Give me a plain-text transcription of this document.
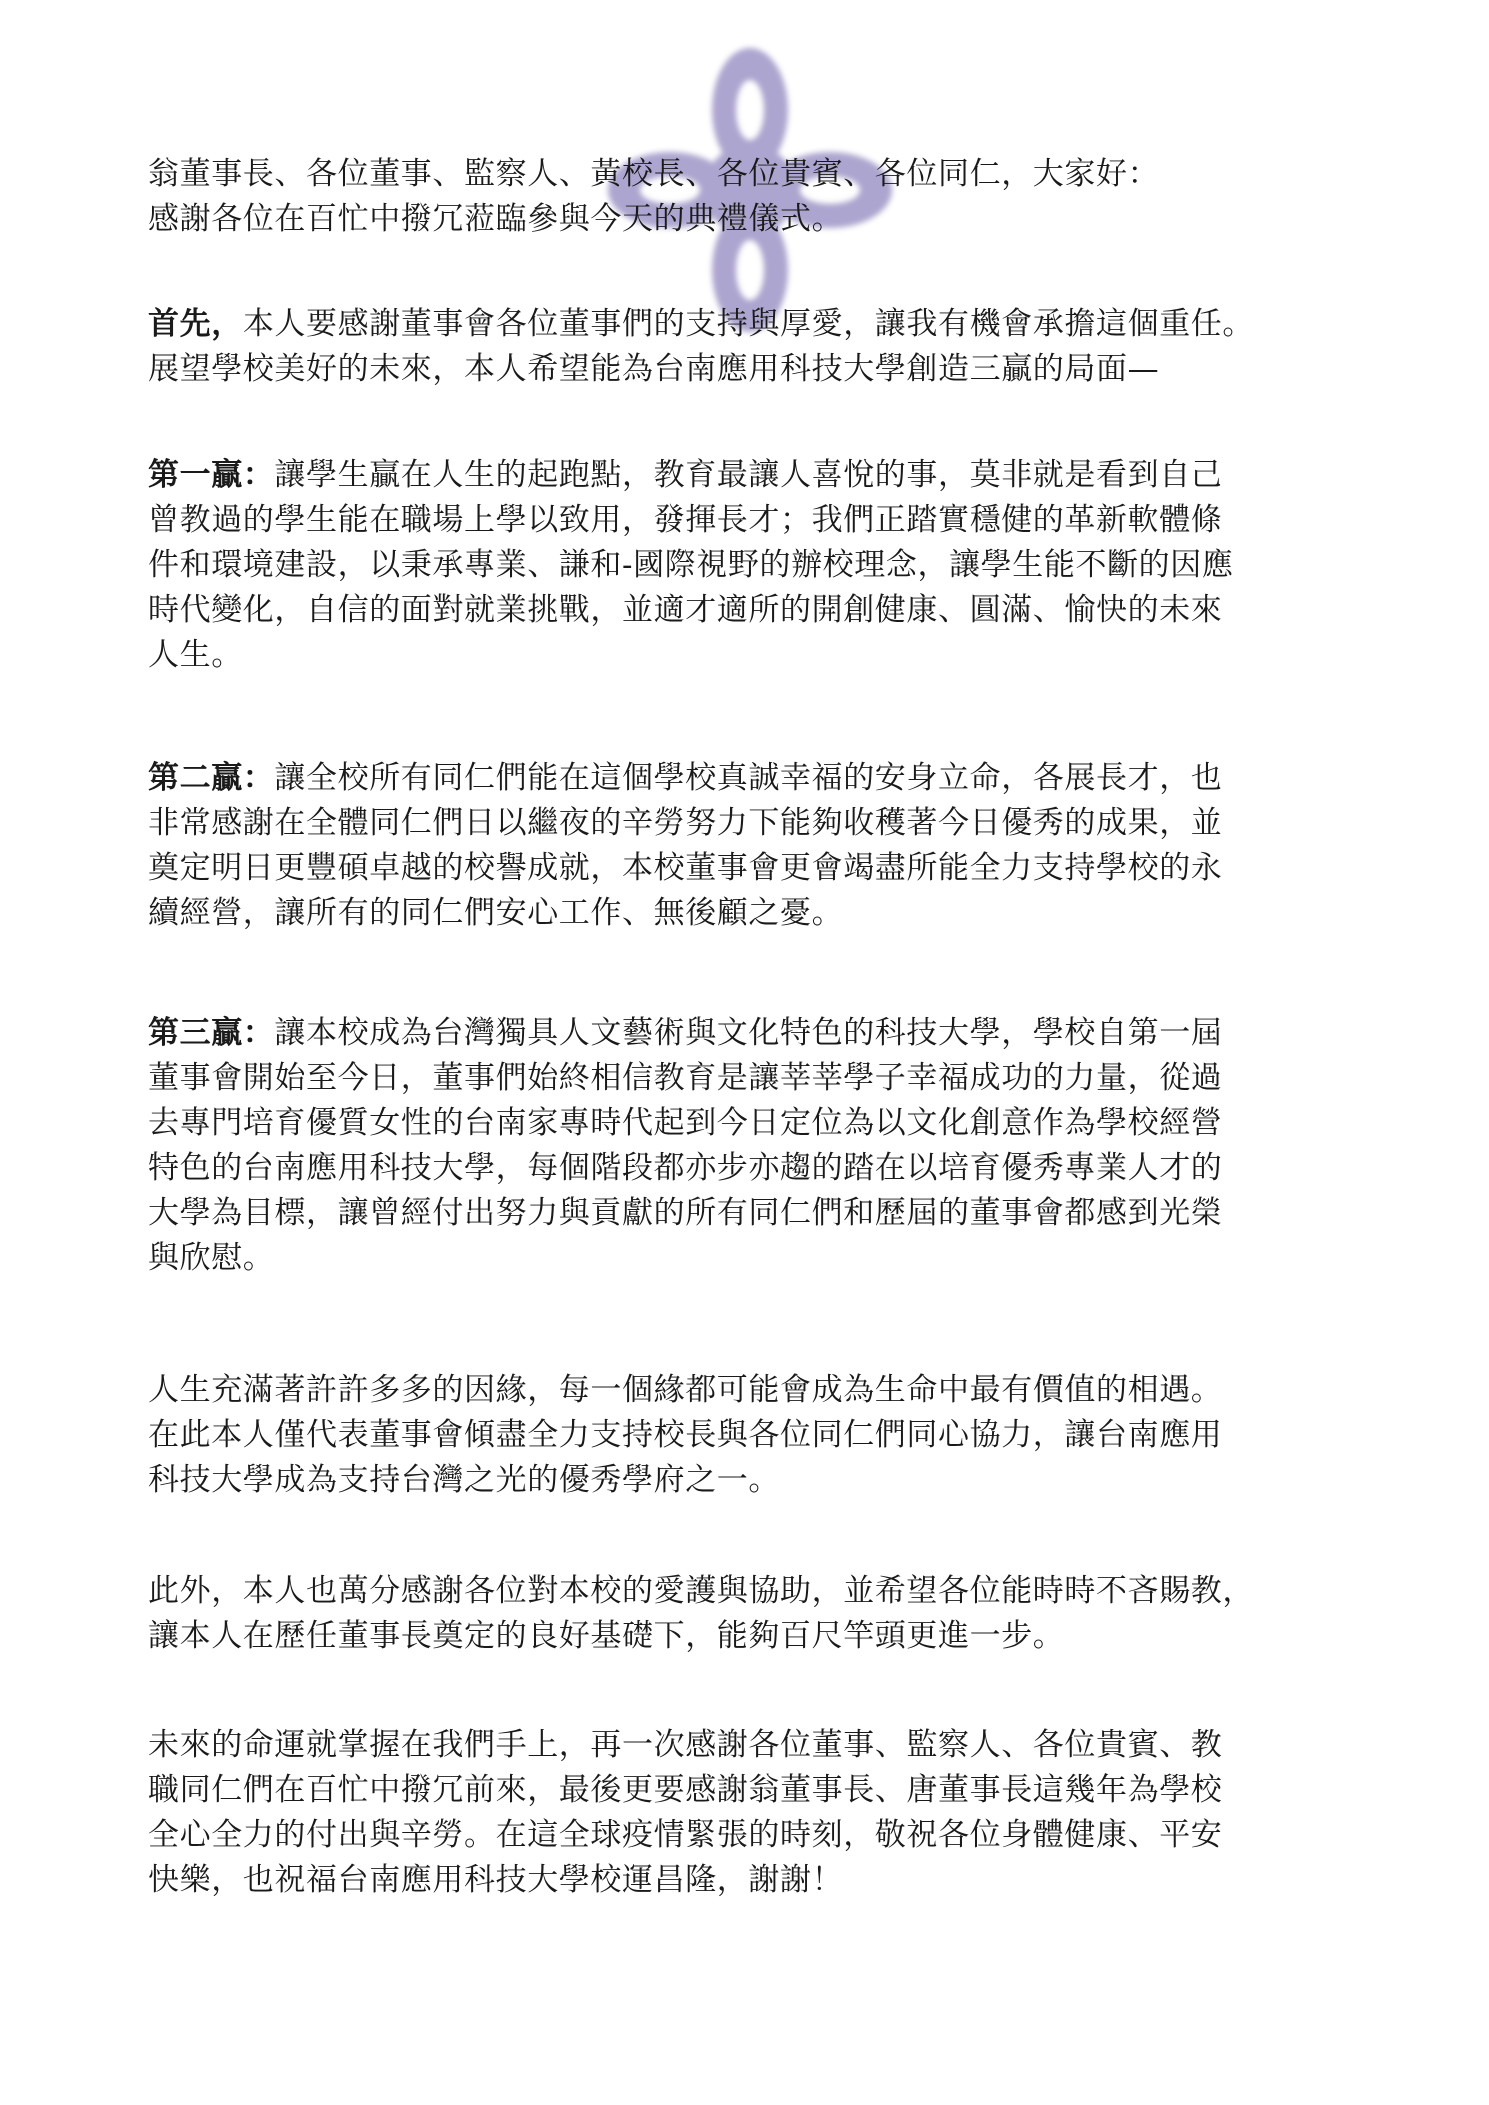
翁董事長、各位董事、監察人、黃校長、各位貴賓、各位同仁，大家好：
感謝各位在百忙中撥冗蒞臨參與今天的典禮儀式。

首先，本人要感謝董事會各位董事們的支持與厚愛，讓我有機會承擔這個重任。
展望學校美好的未來，本人希望能為台南應用科技大學創造三贏的局面—

第一贏：讓學生贏在人生的起跑點，教育最讓人喜悅的事，莫非就是看到自己
曾教過的學生能在職場上學以致用，發揮長才；我們正踏實穩健的革新軟體條
件和環境建設，以秉承專業、謙和-國際視野的辦校理念，讓學生能不斷的因應
時代變化，自信的面對就業挑戰，並適才適所的開創健康、圓滿、愉快的未來
人生。

第二贏：讓全校所有同仁們能在這個學校真誠幸福的安身立命，各展長才，也
非常感謝在全體同仁們日以繼夜的辛勞努力下能夠收穫著今日優秀的成果，並
奠定明日更豐碩卓越的校譽成就，本校董事會更會竭盡所能全力支持學校的永
續經營，讓所有的同仁們安心工作、無後顧之憂。

第三贏：讓本校成為台灣獨具人文藝術與文化特色的科技大學，學校自第一屆
董事會開始至今日，董事們始終相信教育是讓莘莘學子幸福成功的力量，從過
去專門培育優質女性的台南家專時代起到今日定位為以文化創意作為學校經營
特色的台南應用科技大學，每個階段都亦步亦趨的踏在以培育優秀專業人才的
大學為目標，讓曾經付出努力與貢獻的所有同仁們和歷屆的董事會都感到光榮
與欣慰。

人生充滿著許許多多的因緣，每一個緣都可能會成為生命中最有價值的相遇。
在此本人僅代表董事會傾盡全力支持校長與各位同仁們同心協力，讓台南應用
科技大學成為支持台灣之光的優秀學府之一。

此外，本人也萬分感謝各位對本校的愛護與協助，並希望各位能時時不吝賜教，
讓本人在歷任董事長奠定的良好基礎下，能夠百尺竿頭更進一步。

未來的命運就掌握在我們手上，再一次感謝各位董事、監察人、各位貴賓、教
職同仁們在百忙中撥冗前來，最後更要感謝翁董事長、唐董事長這幾年為學校
全心全力的付出與辛勞。在這全球疫情緊張的時刻，敬祝各位身體健康、平安
快樂，也祝福台南應用科技大學校運昌隆，謝謝！
